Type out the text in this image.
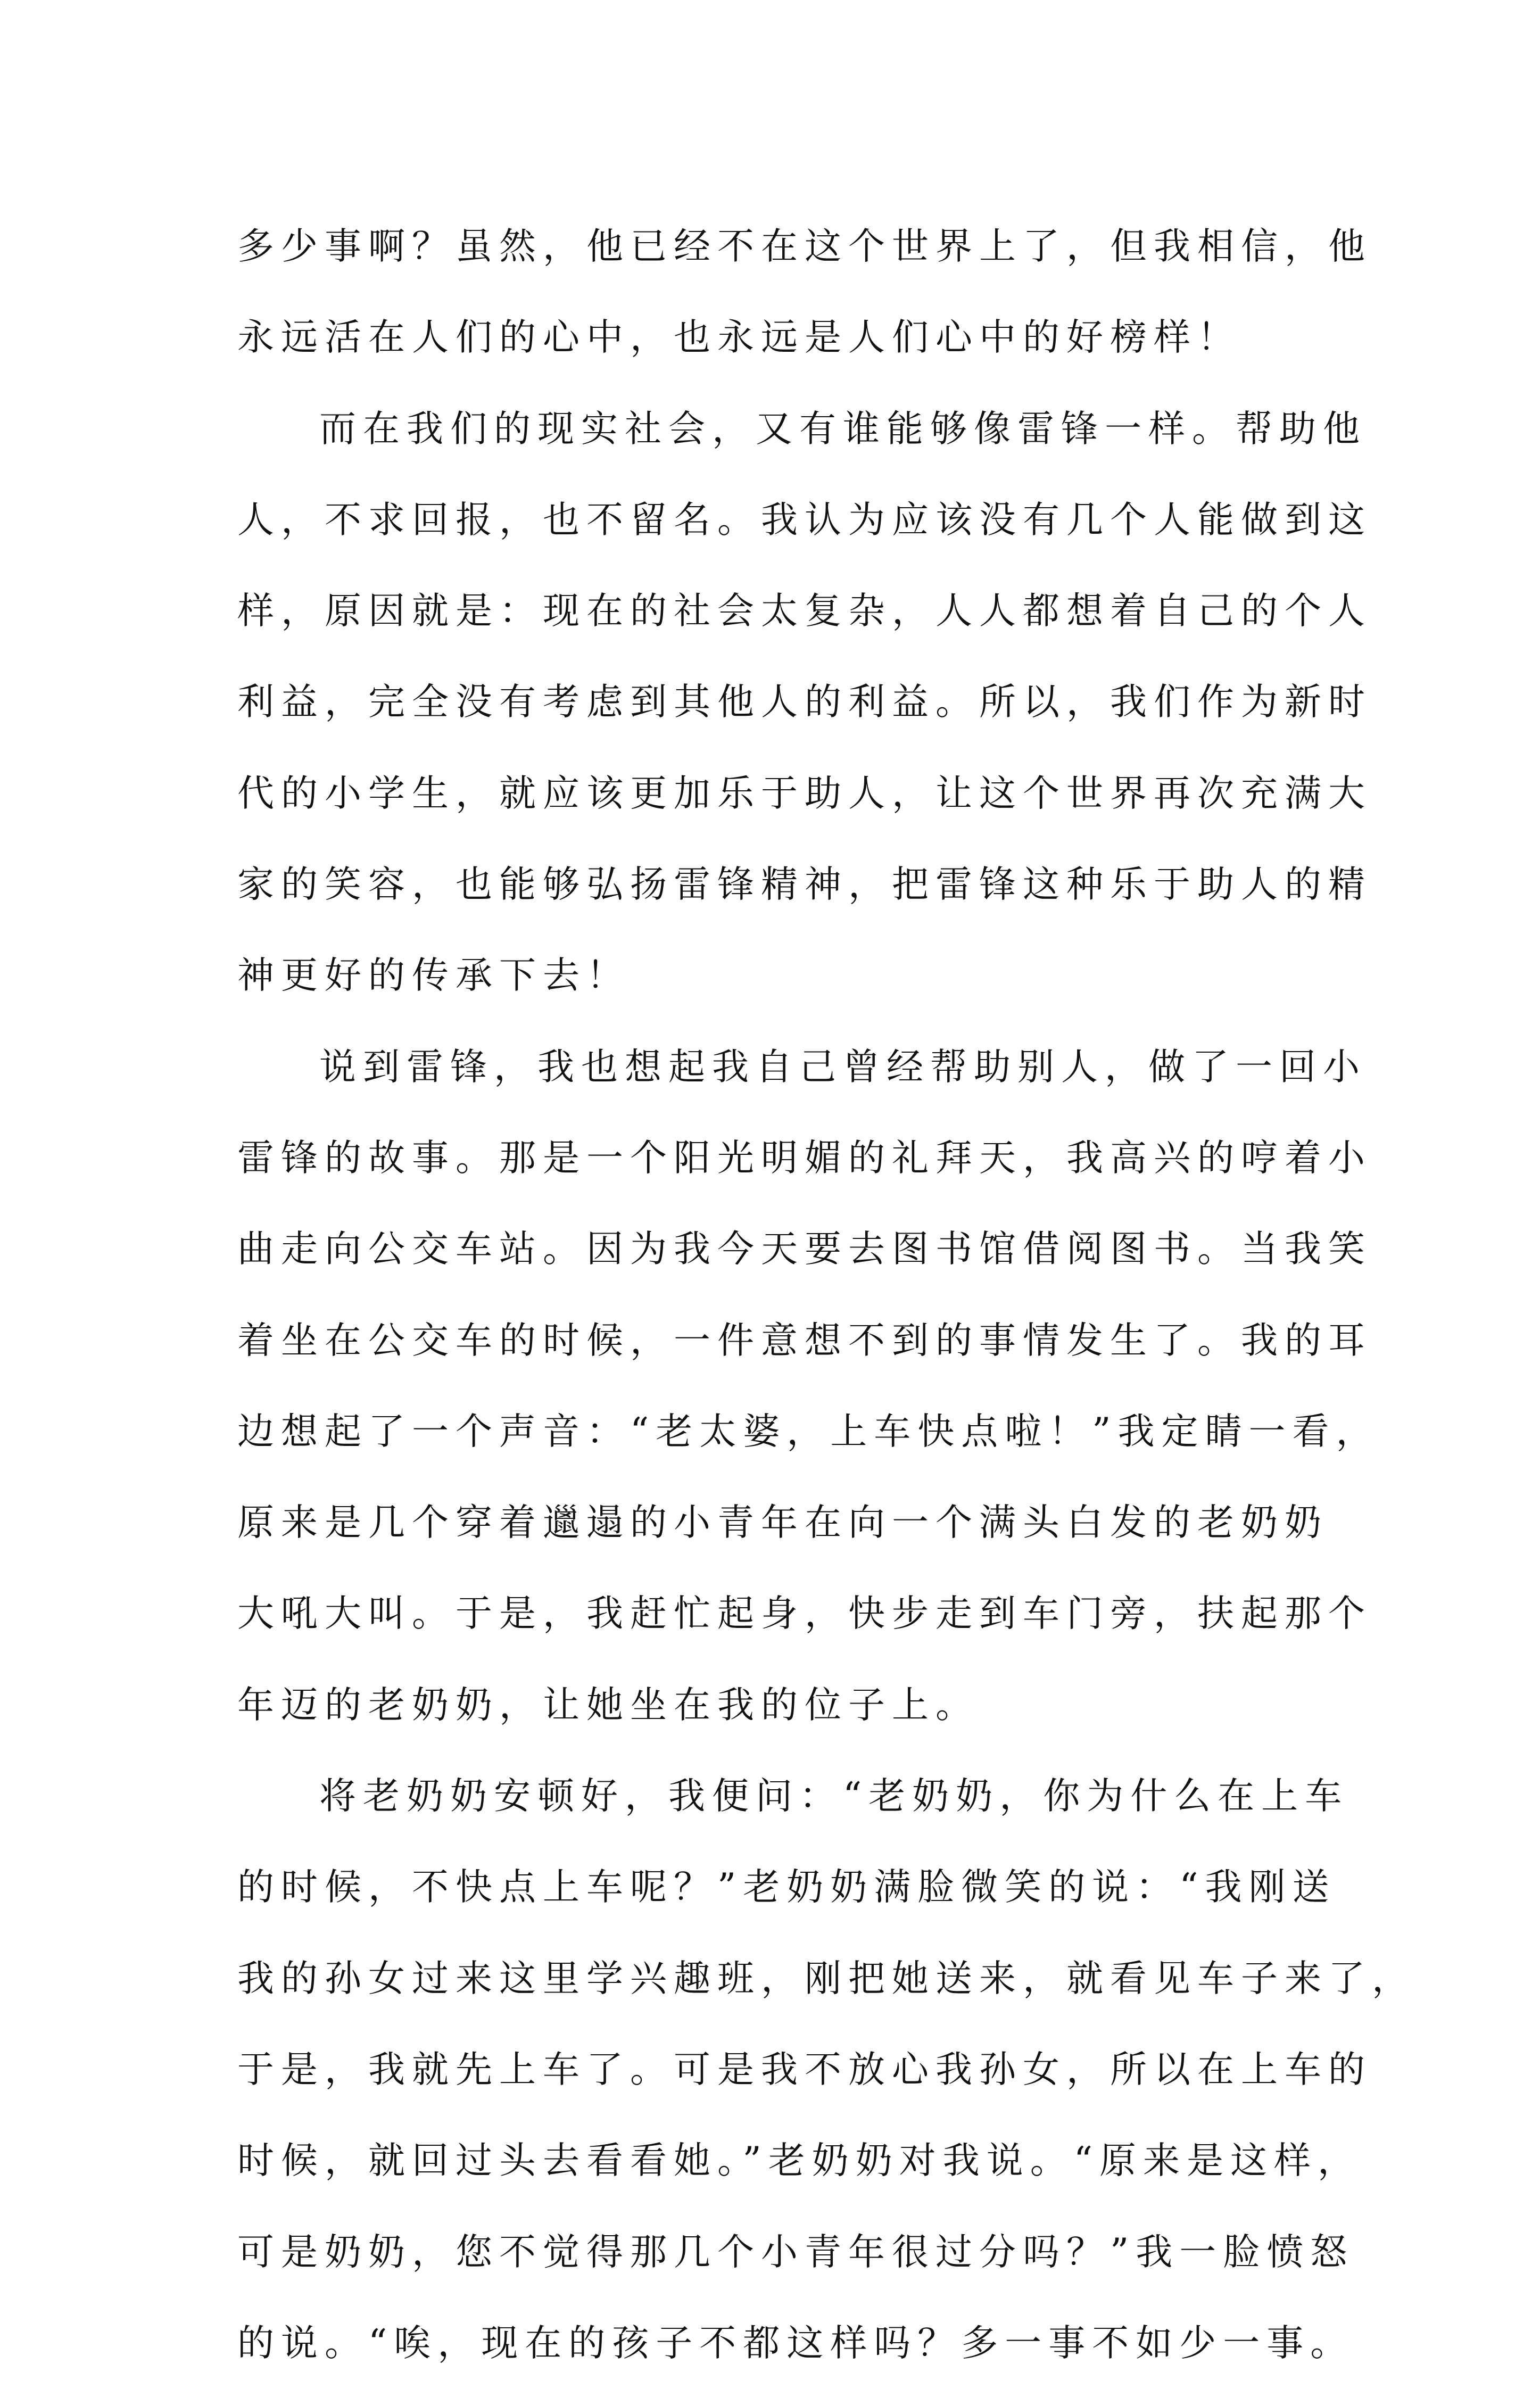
多少事啊？虽然，他已经不在这个世界上了，但我相信，他
永远活在人们的心中，也永远是人们心中的好榜样！
而在我们的现实社会，又有谁能够像雷锋一样。帮助他
人，不求回报，也不留名。我认为应该没有几个人能做到这
样，原因就是：现在的社会太复杂，人人都想着自己的个人
利益，完全没有考虑到其他人的利益。所以，我们作为新时
代的小学生，就应该更加乐于助人，让这个世界再次充满大
家的笑容，也能够弘扬雷锋精神，把雷锋这种乐于助人的精
神更好的传承下去！
说到雷锋，我也想起我自己曾经帮助别人，做了一回小
雷锋的故事。那是一个阳光明媚的礼拜天，我高兴的哼着小
曲走向公交车站。因为我今天要去图书馆借阅图书。当我笑
着坐在公交车的时候，一件意想不到的事情发生了。我的耳
边想起了一个声音：“老太婆，上车快点啦！”我定睛一看，
原来是几个穿着邋遢的小青年在向一个满头白发的老奶奶
大吼大叫。于是，我赶忙起身，快步走到车门旁，扶起那个
年迈的老奶奶，让她坐在我的位子上。
将老奶奶安顿好，我便问：“老奶奶，你为什么在上车
的时候，不快点上车呢？”老奶奶满脸微笑的说：“我刚送
我的孙女过来这里学兴趣班，刚把她送来，就看见车子来了，
于是，我就先上车了。可是我不放心我孙女，所以在上车的
时候，就回过头去看看她。”老奶奶对我说。“原来是这样，
可是奶奶，您不觉得那几个小青年很过分吗？”我一脸愤怒
的说。“唉，现在的孩子不都这样吗？多一事不如少一事。
